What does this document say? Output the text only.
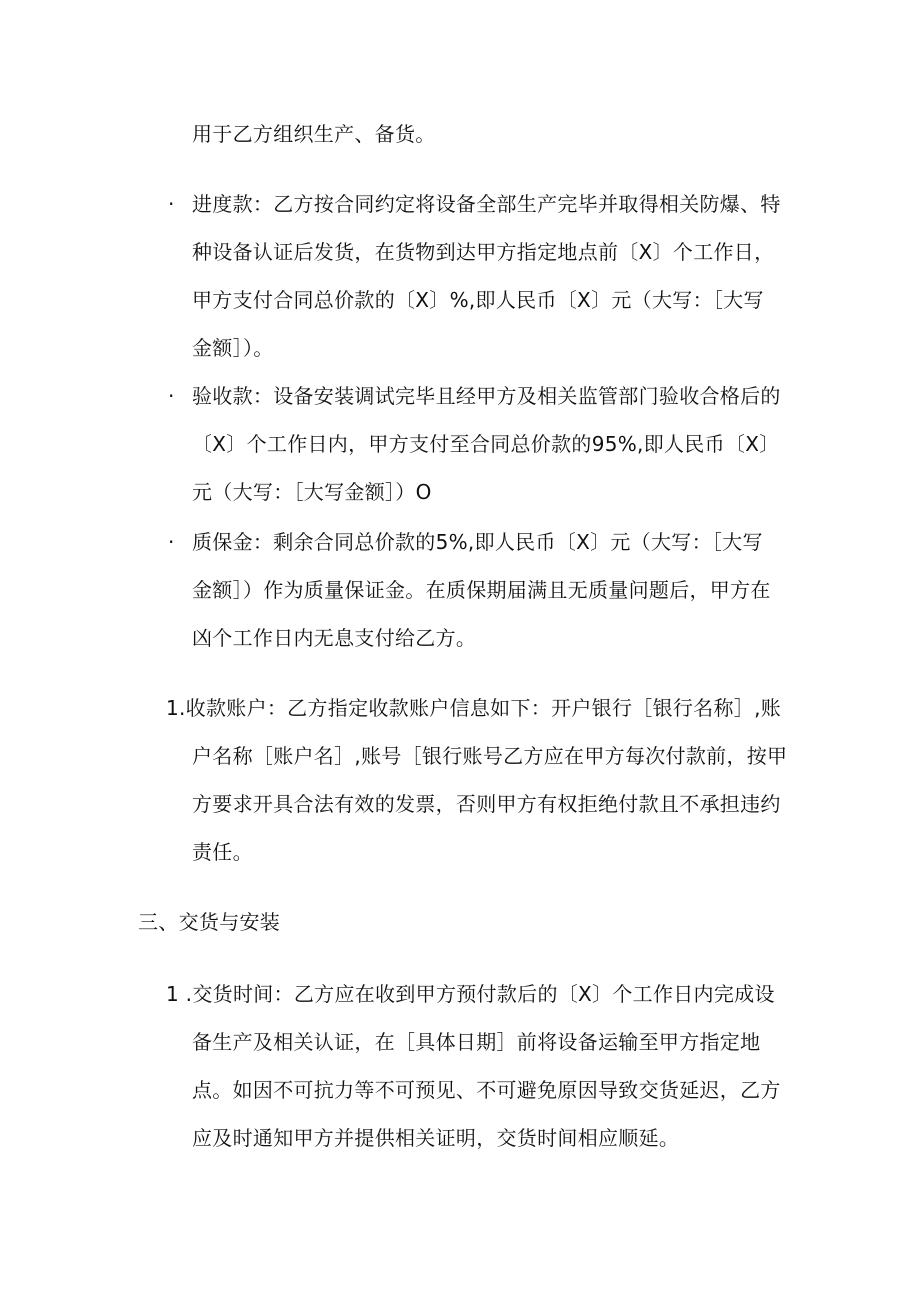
用于乙方组织生产、备货。
· 进度款：乙方按合同约定将设备全部生产完毕并取得相关防爆、特
种设备认证后发货，在货物到达甲方指定地点前〔X〕个工作日，
甲方支付合同总价款的〔X〕%,即人民币〔X〕元（大写：［大写
金额］）。
· 验收款：设备安装调试完毕且经甲方及相关监管部门验收合格后的
〔X〕个工作日内，甲方支付至合同总价款的95%,即人民币〔X〕
元（大写：［大写金额］）O
· 质保金：剩余合同总价款的5%,即人民币〔X〕元（大写：［大写
金额］）作为质量保证金。在质保期届满且无质量问题后，甲方在
凶个工作日内无息支付给乙方。
1.收款账户：乙方指定收款账户信息如下：开户银行［银行名称］,账
户名称［账户名］,账号［银行账号乙方应在甲方每次付款前，按甲
方要求开具合法有效的发票，否则甲方有权拒绝付款且不承担违约
责任。
三、交货与安装
1 .交货时间：乙方应在收到甲方预付款后的〔X〕个工作日内完成设
备生产及相关认证，在［具体日期］前将设备运输至甲方指定地
点。如因不可抗力等不可预见、不可避免原因导致交货延迟，乙方
应及时通知甲方并提供相关证明，交货时间相应顺延。
